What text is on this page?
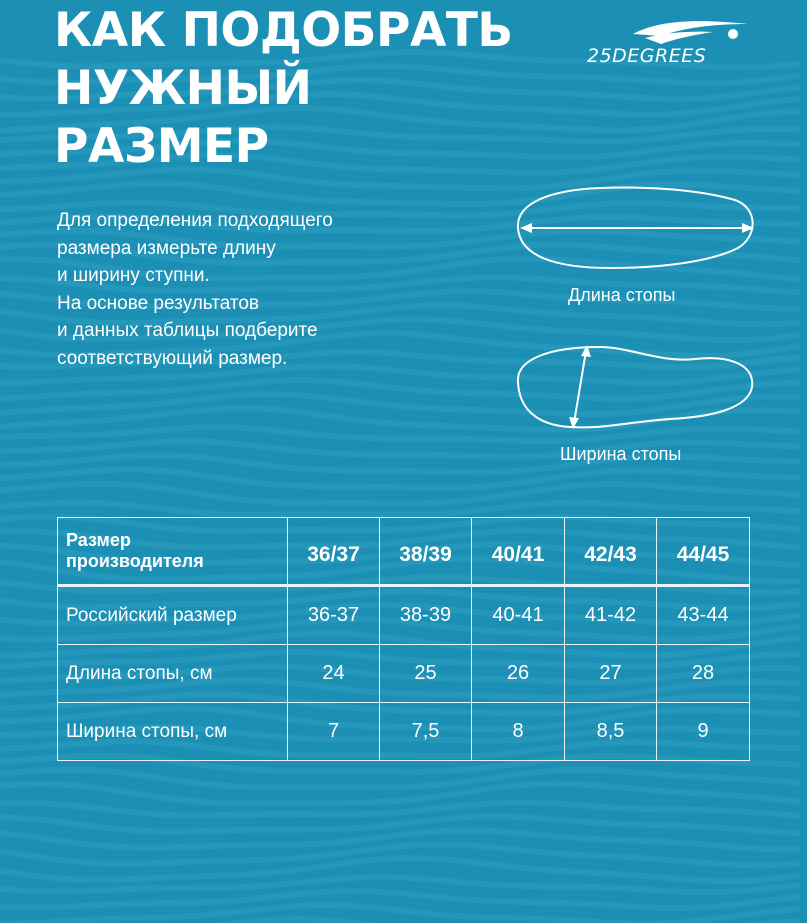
КАК ПОДОБРАТЬ
НУЖНЫЙ
РАЗМЕР
25DEGREES
Для определения подходящего
размера измерьте длину
и ширину ступни.
На основе результатов
и данных таблицы подберите
соответствующий размер.
Длина стопы
Ширина стопы
Размер
производителя	36/37	38/39	40/41	42/43	44/45
Российский размер	36-37	38-39	40-41	41-42	43-44
Длина стопы, см	24	25	26	27	28
Ширина стопы, см	7	7,5	8	8,5	9
